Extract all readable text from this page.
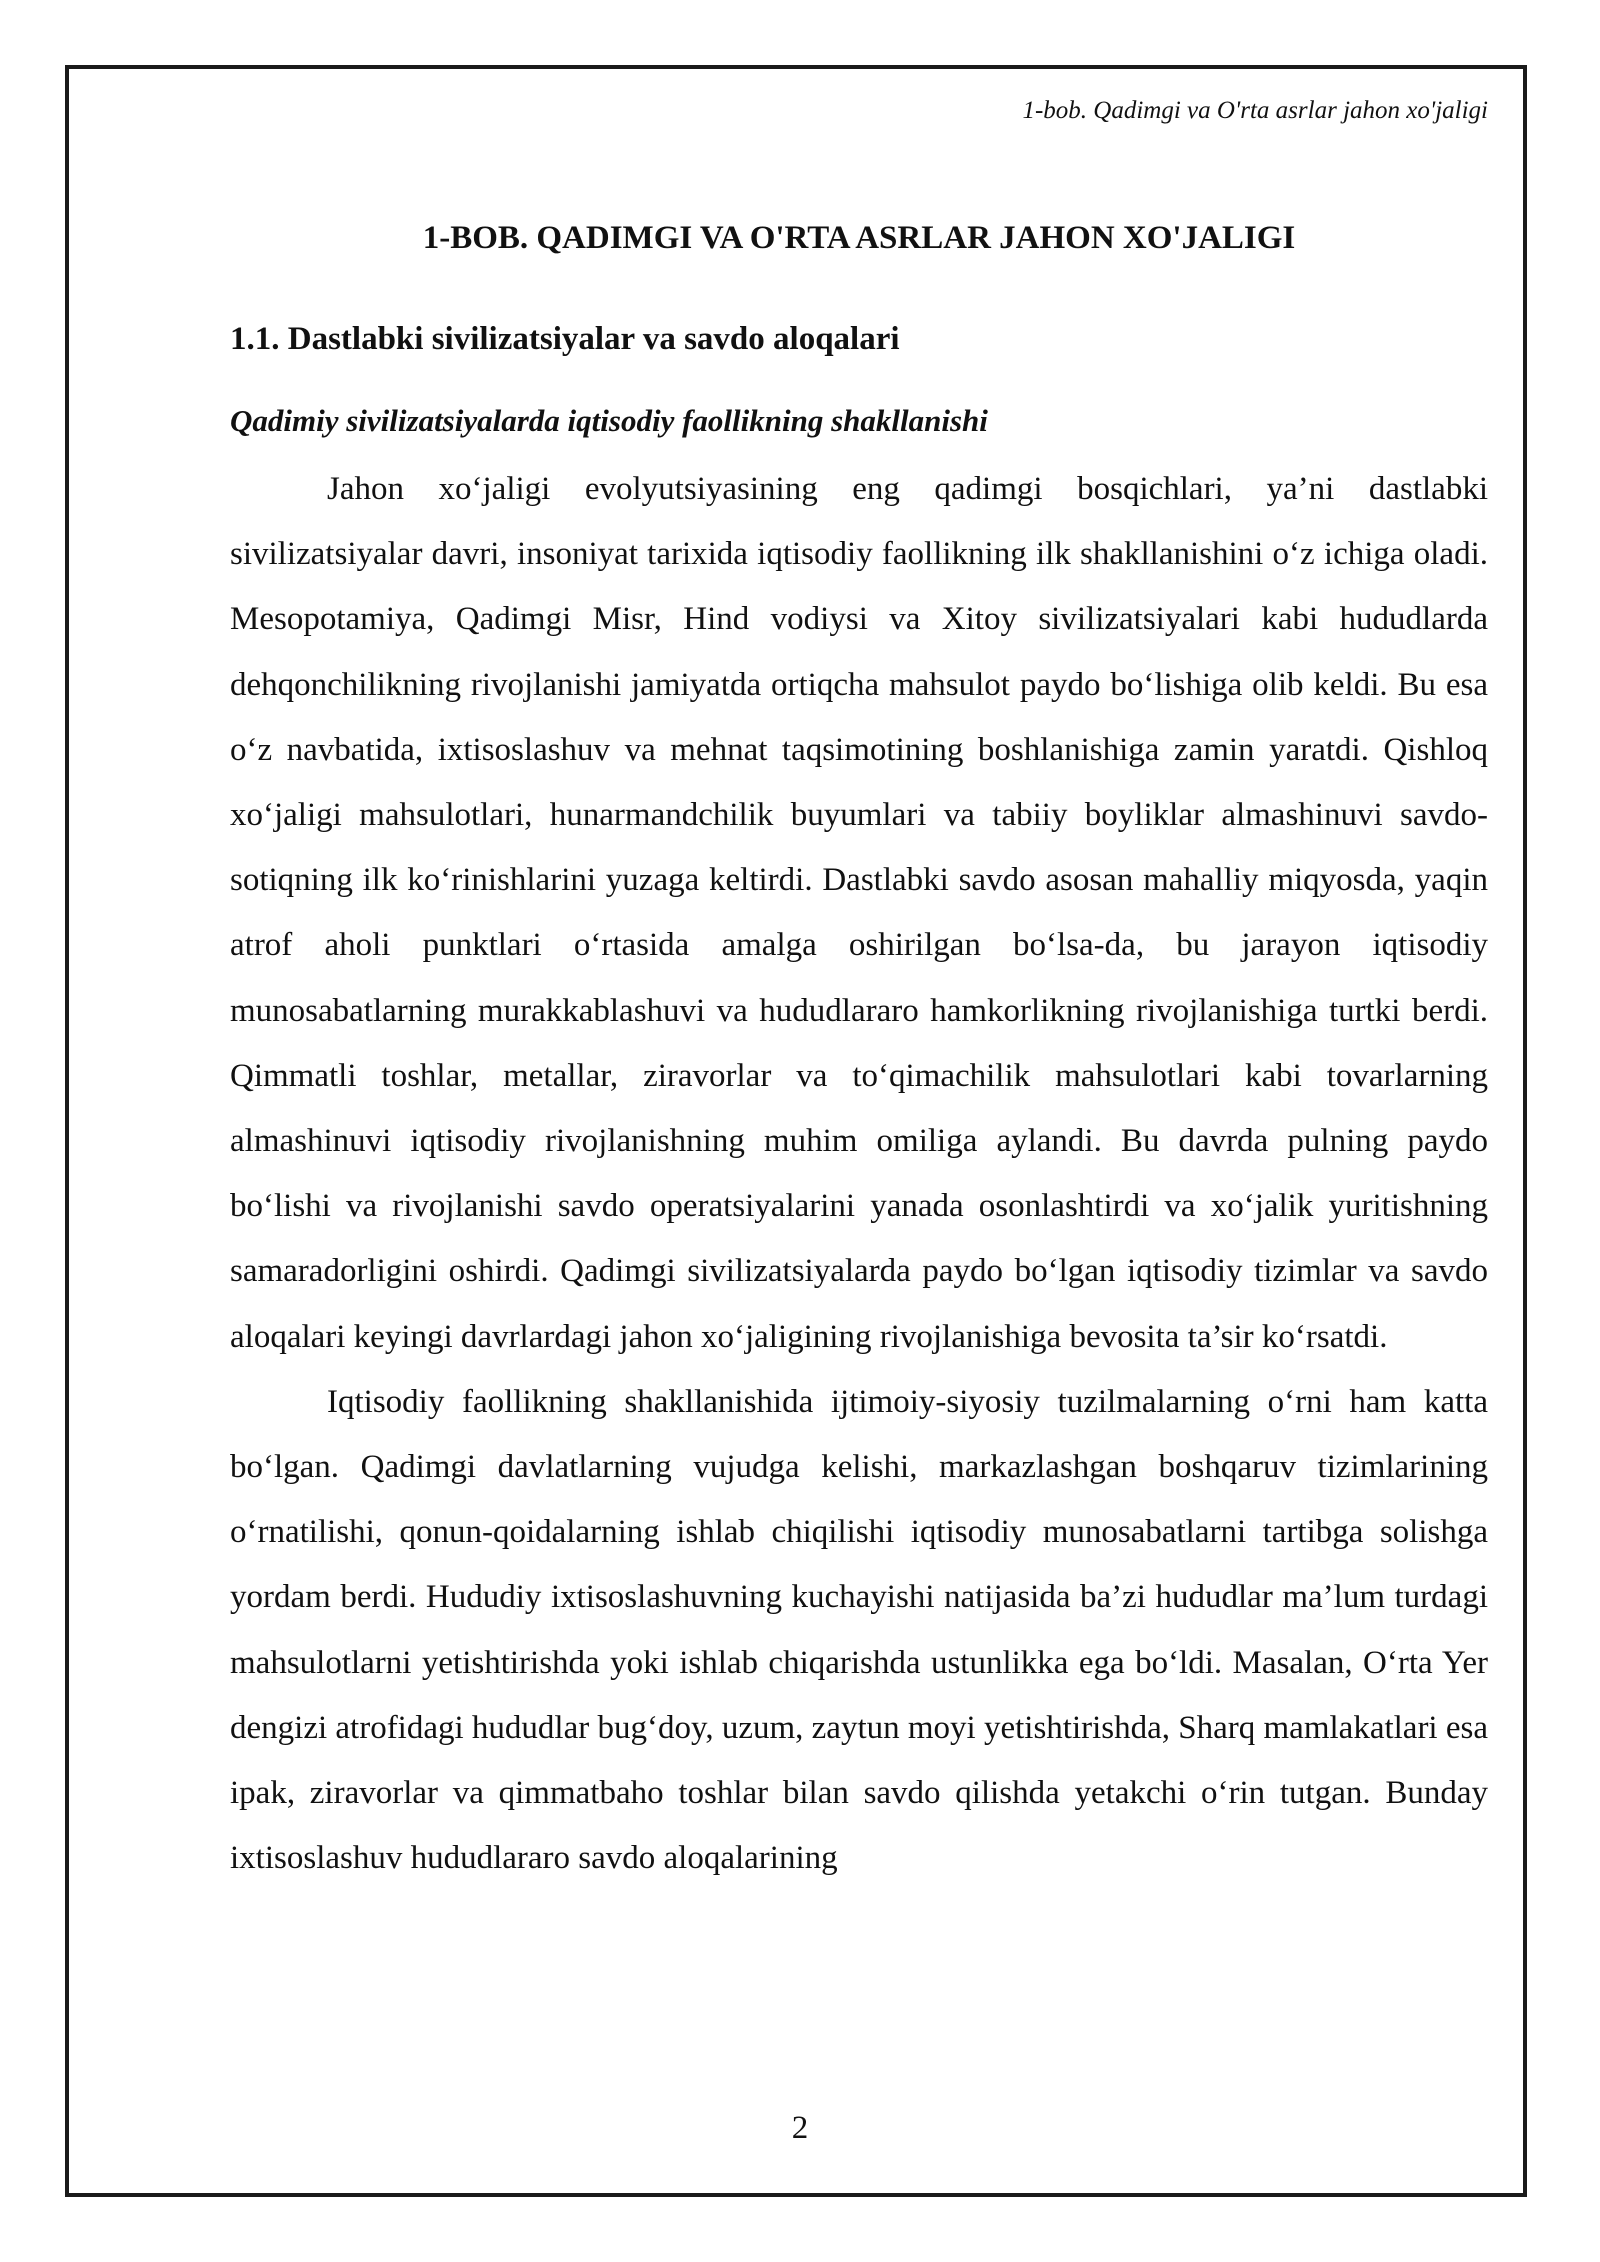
1-bob. Qadimgi va O'rta asrlar jahon xo'jaligi
1-BOB. QADIMGI VA O'RTA ASRLAR JAHON XO'JALIGI
1.1. Dastlabki sivilizatsiyalar va savdo aloqalari
Qadimiy sivilizatsiyalarda iqtisodiy faollikning shakllanishi

Jahon xo‘jaligi evolyutsiyasining eng qadimgi bosqichlari, ya’ni dastlabki sivilizatsiyalar davri, insoniyat tarixida iqtisodiy faollikning ilk shakllanishini o‘z ichiga oladi. Mesopotamiya, Qadimgi Misr, Hind vodiysi va Xitoy sivilizatsiyalari kabi hududlarda dehqonchilikning rivojlanishi jamiyatda ortiqcha mahsulot paydo bo‘lishiga olib keldi. Bu esa o‘z navbatida, ixtisoslashuv va mehnat taqsimotining boshlanishiga zamin yaratdi. Qishloq xo‘jaligi mahsulotlari, hunarmandchilik buyumlari va tabiiy boyliklar almashinuvi savdo-sotiqning ilk ko‘rinishlarini yuzaga keltirdi. Dastlabki savdo asosan mahalliy miqyosda, yaqin atrof aholi punktlari o‘rtasida amalga oshirilgan bo‘lsa-da, bu jarayon iqtisodiy munosabatlarning murakkablashuvi va hududlararo hamkorlikning rivojlanishiga turtki berdi. Qimmatli toshlar, metallar, ziravorlar va to‘qimachilik mahsulotlari kabi tovarlarning almashinuvi iqtisodiy rivojlanishning muhim omiliga aylandi. Bu davrda pulning paydo bo‘lishi va rivojlanishi savdo operatsiyalarini yanada osonlashtirdi va xo‘jalik yuritishning samaradorligini oshirdi. Qadimgi sivilizatsiyalarda paydo bo‘lgan iqtisodiy tizimlar va savdo aloqalari keyingi davrlardagi jahon xo‘jaligining rivojlanishiga bevosita ta’sir ko‘rsatdi.

Iqtisodiy faollikning shakllanishida ijtimoiy-siyosiy tuzilmalarning o‘rni ham katta bo‘lgan. Qadimgi davlatlarning vujudga kelishi, markazlashgan boshqaruv tizimlarining o‘rnatilishi, qonun-qoidalarning ishlab chiqilishi iqtisodiy munosabatlarni tartibga solishga yordam berdi. Hududiy ixtisoslashuvning kuchayishi natijasida ba’zi hududlar ma’lum turdagi mahsulotlarni yetishtirishda yoki ishlab chiqarishda ustunlikka ega bo‘ldi. Masalan, O‘rta Yer dengizi atrofidagi hududlar bug‘doy, uzum, zaytun moyi yetishtirishda, Sharq mamlakatlari esa ipak, ziravorlar va qimmatbaho toshlar bilan savdo qilishda yetakchi o‘rin tutgan. Bunday ixtisoslashuv hududlararo savdo aloqalarining

2
